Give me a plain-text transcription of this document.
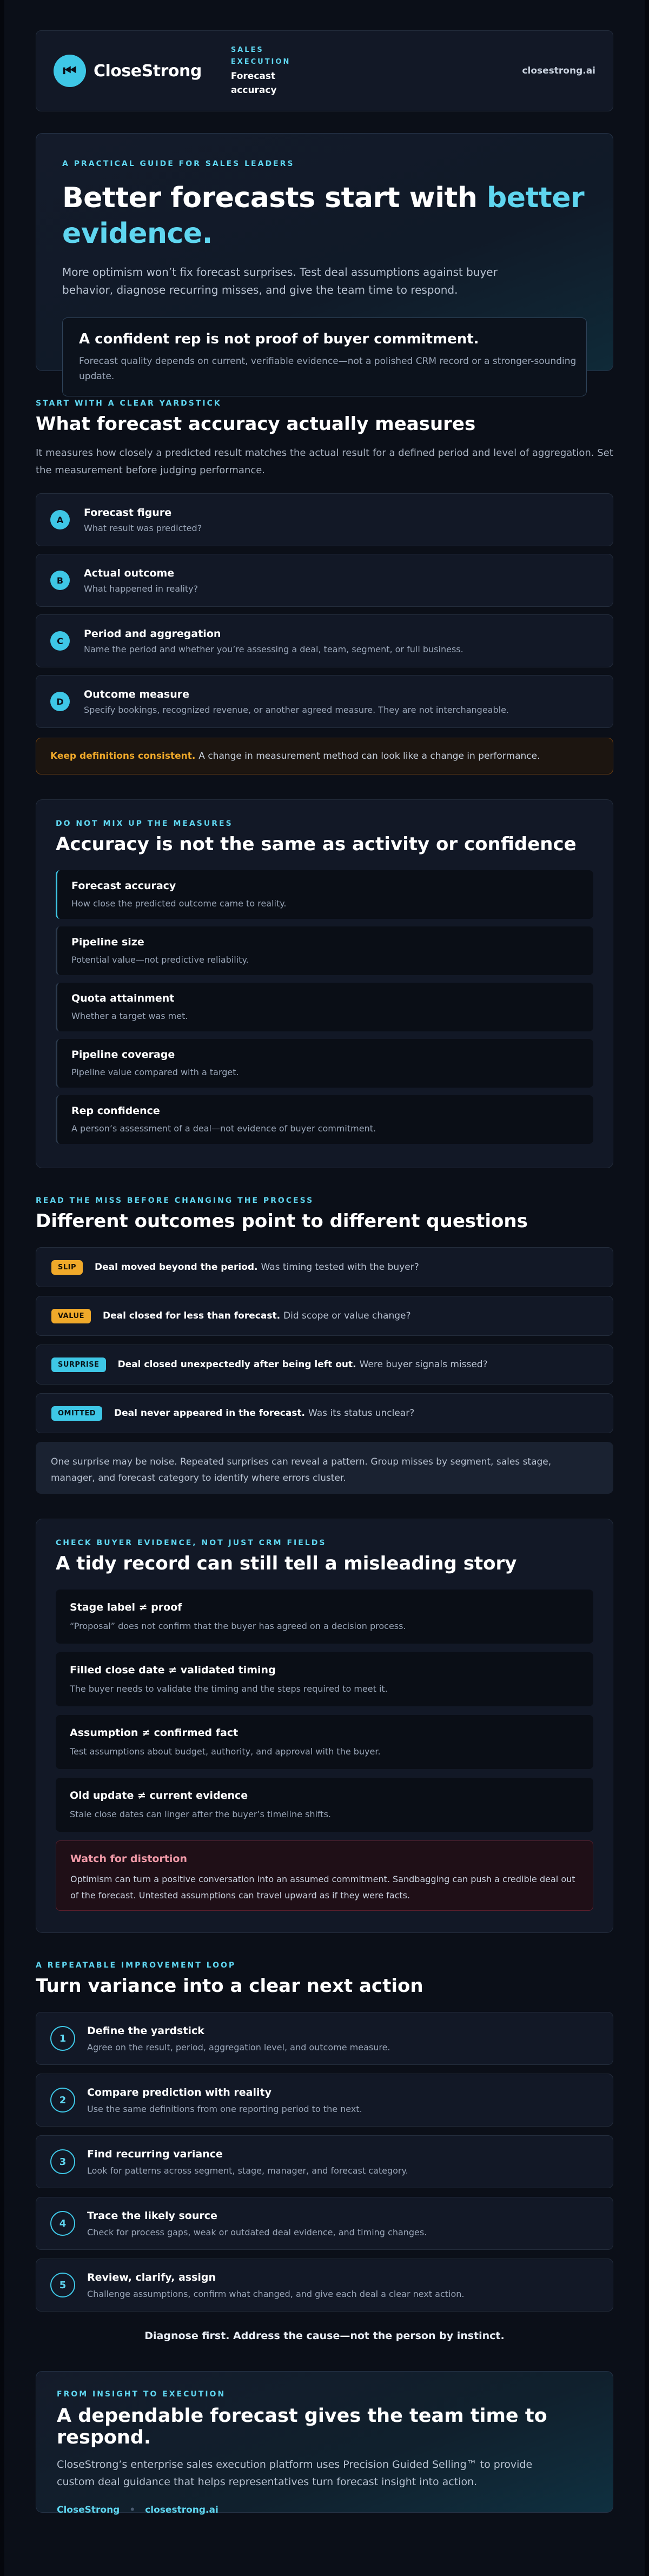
⏮	CloseStrong
SALES EXECUTION
Forecast accuracy
closestrong.ai
A PRACTICAL GUIDE FOR SALES LEADERS
Better forecasts start with better evidence.

More optimism won’t fix forecast surprises. Test deal assumptions against buyer behavior, diagnose recurring misses, and give the team time to respond.

A confident rep is not proof of buyer commitment.
Forecast quality depends on current, verifiable evidence—not a polished CRM record or a stronger-sounding update.
START WITH A CLEAR YARDSTICK
What forecast accuracy actually measures

It measures how closely a predicted result matches the actual result for a defined period and level of aggregation. Set the measurement before judging performance.

A
Forecast figure
What result was predicted?
B
Actual outcome
What happened in reality?
C
Period and aggregation
Name the period and whether you’re assessing a deal, team, segment, or full business.
D
Outcome measure
Specify bookings, recognized revenue, or another agreed measure. They are not interchangeable.
Keep definitions consistent. A change in measurement method can look like a change in performance.
DO NOT MIX UP THE MEASURES
Accuracy is not the same as activity or confidence
Forecast accuracy
How close the predicted outcome came to reality.
Pipeline size
Potential value—not predictive reliability.
Quota attainment
Whether a target was met.
Pipeline coverage
Pipeline value compared with a target.
Rep confidence
A person’s assessment of a deal—not evidence of buyer commitment.
READ THE MISS BEFORE CHANGING THE PROCESS
Different outcomes point to different questions
SLIP	Deal moved beyond the period. Was timing tested with the buyer?
VALUE	Deal closed for less than forecast. Did scope or value change?
SURPRISE	Deal closed unexpectedly after being left out. Were buyer signals missed?
OMITTED	Deal never appeared in the forecast. Was its status unclear?
One surprise may be noise. Repeated surprises can reveal a pattern. Group misses by segment, sales stage, manager, and forecast category to identify where errors cluster.
CHECK BUYER EVIDENCE, NOT JUST CRM FIELDS
A tidy record can still tell a misleading story
Stage label ≠ proof
“Proposal” does not confirm that the buyer has agreed on a decision process.
Filled close date ≠ validated timing
The buyer needs to validate the timing and the steps required to meet it.
Assumption ≠ confirmed fact
Test assumptions about budget, authority, and approval with the buyer.
Old update ≠ current evidence
Stale close dates can linger after the buyer’s timeline shifts.
Watch for distortion
Optimism can turn a positive conversation into an assumed commitment. Sandbagging can push a credible deal out of the forecast. Untested assumptions can travel upward as if they were facts.
A REPEATABLE IMPROVEMENT LOOP
Turn variance into a clear next action
1
Define the yardstick
Agree on the result, period, aggregation level, and outcome measure.
2
Compare prediction with reality
Use the same definitions from one reporting period to the next.
3
Find recurring variance
Look for patterns across segment, stage, manager, and forecast category.
4
Trace the likely source
Check for process gaps, weak or outdated deal evidence, and timing changes.
5
Review, clarify, assign
Challenge assumptions, confirm what changed, and give each deal a clear next action.
Diagnose first. Address the cause—not the person by instinct.
FROM INSIGHT TO EXECUTION
A dependable forecast gives the team time to respond.

CloseStrong’s enterprise sales execution platform uses Precision Guided Selling™ to provide custom deal guidance that helps representatives turn forecast insight into action.

CloseStrong • closestrong.ai
